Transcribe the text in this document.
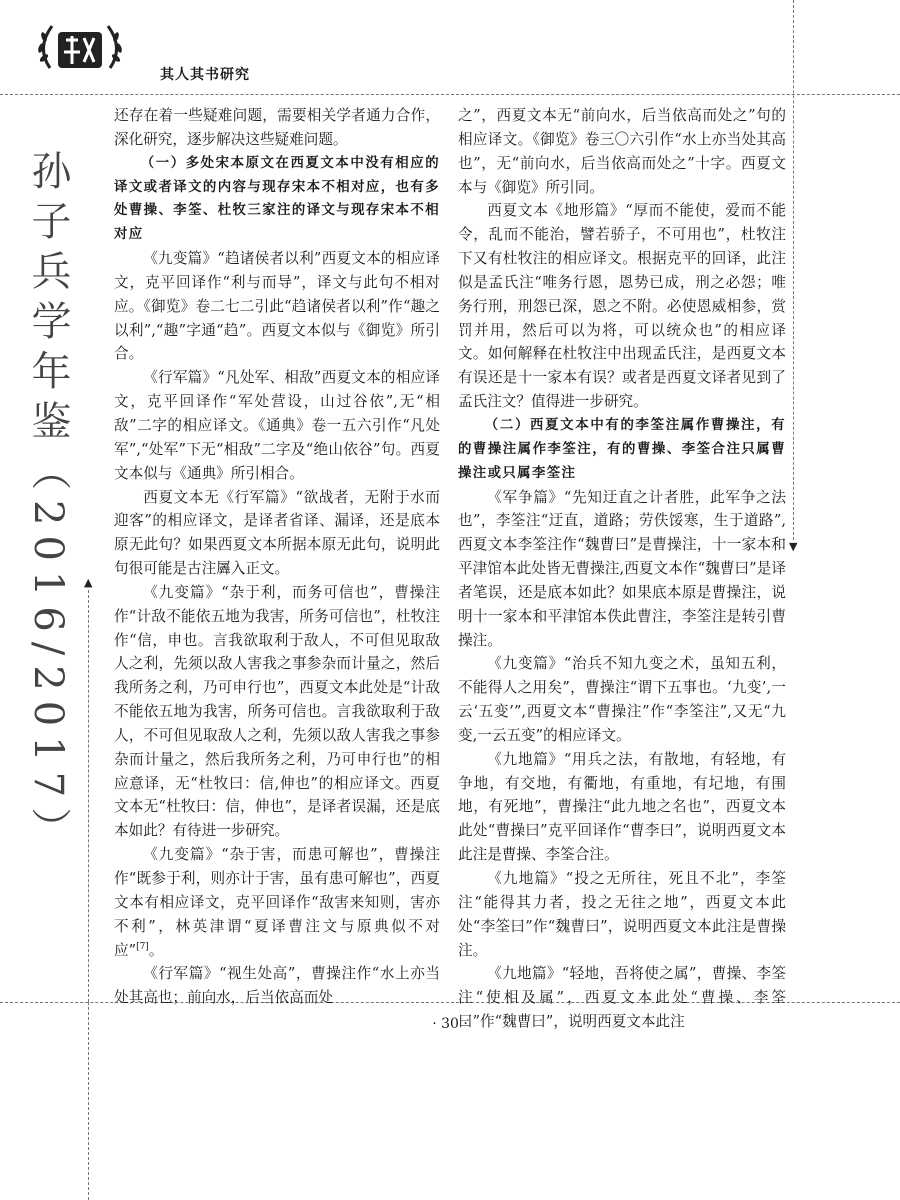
其人其书研究
孙子兵学年鉴（2016/2017）	▲
▼

还存在着一些疑难问题，需要相关学者通力合作，深化研究，逐步解决这些疑难问题。

（一）多处宋本原文在西夏文本中没有相应的译文或者译文的内容与现存宋本不相对应，也有多处曹操、李筌、杜牧三家注的译文与现存宋本不相对应

《九变篇》“趋诸侯者以利”西夏文本的相应译文，克平回译作“利与而导”，译文与此句不相对应。《御览》卷二七二引此“趋诸侯者以利”作“趣之以利”,“趣”字通“趋”。西夏文本似与《御览》所引合。

《行军篇》“凡处军、相敌”西夏文本的相应译文，克平回译作“军处营设，山过谷依”,无“相敌”二字的相应译文。《通典》卷一五六引作“凡处军”,“处军”下无“相敌”二字及“绝山依谷”句。西夏文本似与《通典》所引相合。

西夏文本无《行军篇》“欲战者，无附于水而迎客”的相应译文，是译者省译、漏译，还是底本原无此句？如果西夏文本所据本原无此句，说明此句很可能是古注羼入正文。

《九变篇》“杂于利，而务可信也”，曹操注作“计敌不能依五地为我害，所务可信也”，杜牧注作“信，申也。言我欲取利于敌人，不可但见取敌人之利，先须以敌人害我之事参杂而计量之，然后我所务之利，乃可申行也”，西夏文本此处是“计敌不能依五地为我害，所务可信也。言我欲取利于敌人，不可但见取敌人之利，先须以敌人害我之事参杂而计量之，然后我所务之利，乃可申行也”的相应意译，无“杜牧曰：信,伸也”的相应译文。西夏文本无“杜牧曰：信，伸也”，是译者误漏，还是底本如此？有待进一步研究。

《九变篇》“杂于害，而患可解也”，曹操注作“既参于利，则亦计于害，虽有患可解也”，西夏文本有相应译文，克平回译作“敌害来知则，害亦不利”，林英津谓“夏译曹注文与原典似不对应”[7]。

《行军篇》“视生处高”，曹操注作“水上亦当处其高也；前向水，后当依高而处

之”，西夏文本无“前向水，后当依高而处之”句的相应译文。《御览》卷三〇六引作“水上亦当处其高也”，无“前向水，后当依高而处之”十字。西夏文本与《御览》所引同。

西夏文本《地形篇》“厚而不能使，爱而不能令，乱而不能治，譬若骄子，不可用也”，杜牧注下又有杜牧注的相应译文。根据克平的回译，此注似是孟氏注“唯务行恩，恩势已成，刑之必怨；唯务行刑，刑怨已深，恩之不附。必使恩威相参，赏罚并用，然后可以为将，可以统众也”的相应译文。如何解释在杜牧注中出现孟氏注，是西夏文本有误还是十一家本有误？或者是西夏文译者见到了孟氏注文？值得进一步研究。

（二）西夏文本中有的李筌注属作曹操注，有的曹操注属作李筌注，有的曹操、李筌合注只属曹操注或只属李筌注

《军争篇》“先知迂直之计者胜，此军争之法也”，李筌注“迂直，道路；劳佚馁寒，生于道路”,西夏文本李筌注作“魏曹曰”是曹操注，十一家本和平津馆本此处皆无曹操注,西夏文本作“魏曹曰”是译者笔误，还是底本如此？如果底本原是曹操注，说明十一家本和平津馆本佚此曹注，李筌注是转引曹操注。

《九变篇》“治兵不知九变之术，虽知五利，不能得人之用矣”，曹操注“谓下五事也。‘九变’,一云‘五变’”,西夏文本“曹操注”作“李筌注”,又无“九变,一云五变”的相应译文。

《九地篇》“用兵之法，有散地，有轻地，有争地，有交地，有衢地，有重地，有圮地，有围地，有死地”，曹操注“此九地之名也”，西夏文本此处“曹操曰”克平回译作“曹李曰”，说明西夏文本此注是曹操、李筌合注。

《九地篇》“投之无所往，死且不北”，李筌注“能得其力者，投之无往之地”，西夏文本此处“李筌曰”作“魏曹曰”，说明西夏文本此注是曹操注。

《九地篇》“轻地，吾将使之属”，曹操、李筌注“使相及属”，西夏文本此处“曹操、李筌曰”作“魏曹曰”，说明西夏文本此注

· 30 ·
